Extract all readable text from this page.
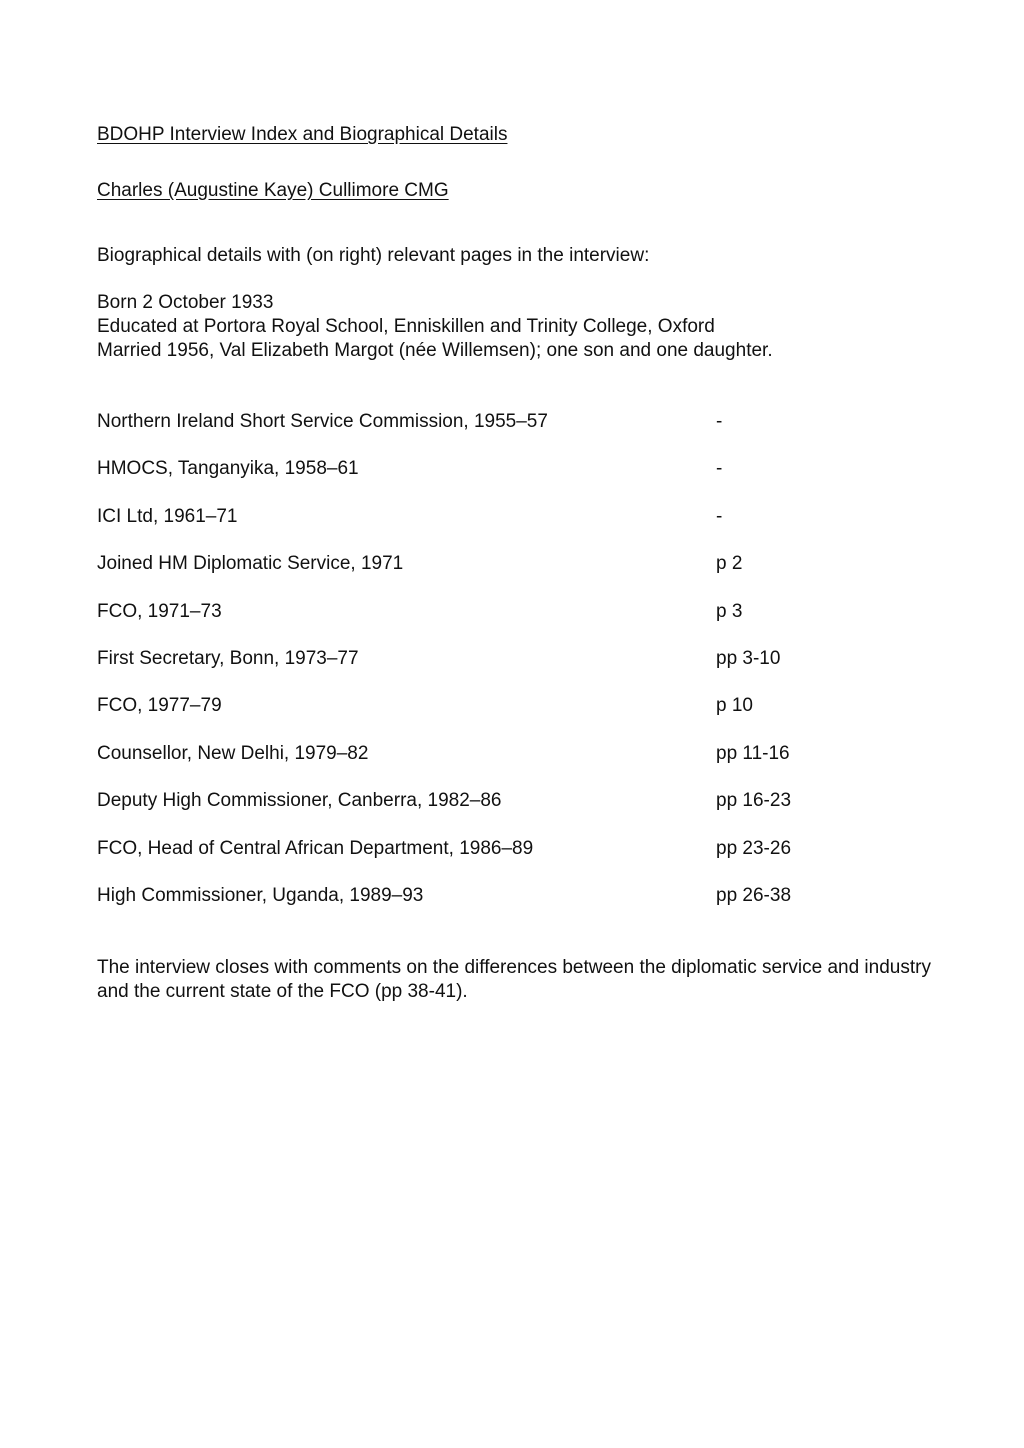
BDOHP Interview Index and Biographical Details
Charles (Augustine Kaye) Cullimore CMG
Biographical details with (on right) relevant pages in the interview:
Born 2 October 1933
Educated at Portora Royal School, Enniskillen and Trinity College, Oxford
Married 1956, Val Elizabeth Margot (née Willemsen); one son and one daughter.
Northern Ireland Short Service Commission, 1955–57	-
HMOCS, Tanganyika, 1958–61	-
ICI Ltd, 1961–71	-
Joined HM Diplomatic Service, 1971	p 2
FCO, 1971–73	p 3
First Secretary, Bonn, 1973–77	pp 3-10
FCO, 1977–79	p 10
Counsellor, New Delhi, 1979–82	pp 11-16
Deputy High Commissioner, Canberra, 1982–86	pp 16-23
FCO, Head of Central African Department, 1986–89	pp 23-26
High Commissioner, Uganda, 1989–93	pp 26-38
The interview closes with comments on the differences between the diplomatic service and industry
and the current state of the FCO (pp 38-41).
